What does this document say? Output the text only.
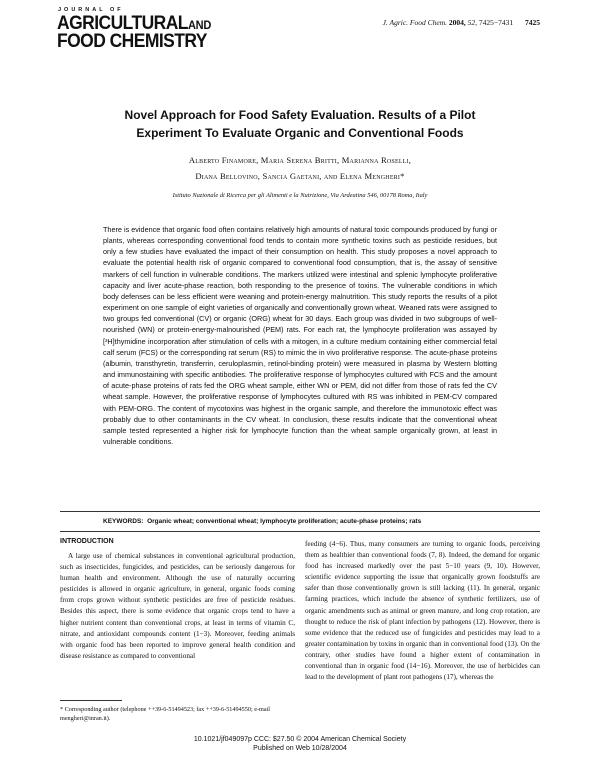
JOURNAL OF
AGRICULTURALAND
FOOD CHEMISTRY
J. Agric. Food Chem. 2004, 52, 7425−7431 7425
Novel Approach for Food Safety Evaluation. Results of a Pilot
Experiment To Evaluate Organic and Conventional Foods
Alberto Finamore, Maria Serena Britti, Marianna Roselli,
Diana Bellovino, Sancia Gaetani, and Elena Mengheri*
Istituto Nazionale di Ricerca per gli Alimenti e la Nutrizione, Via Ardeatina 546, 00178 Roma, Italy
There is evidence that organic food often contains relatively high amounts of natural toxic compounds produced by fungi or plants, whereas corresponding conventional food tends to contain more synthetic toxins such as pesticide residues, but only a few studies have evaluated the impact of their consumption on health. This study proposes a novel approach to evaluate the potential health risk of organic compared to conventional food consumption, that is, the assay of sensitive markers of cell function in vulnerable conditions. The markers utilized were intestinal and splenic lymphocyte proliferative capacity and liver acute-phase reaction, both responding to the presence of toxins. The vulnerable conditions in which body defenses can be less efficient were weaning and protein-energy malnutrition. This study reports the results of a pilot experiment on one sample of eight varieties of organically and conventionally grown wheat. Weaned rats were assigned to two groups fed conventional (CV) or organic (ORG) wheat for 30 days. Each group was divided in two subgroups of well-nourished (WN) or protein-energy-malnourished (PEM) rats. For each rat, the lymphocyte proliferation was assayed by [³H]thymidine incorporation after stimulation of cells with a mitogen, in a culture medium containing either commercial fetal calf serum (FCS) or the corresponding rat serum (RS) to mimic the in vivo proliferative response. The acute-phase proteins (albumin, transthyretin, transferrin, ceruloplasmin, retinol-binding protein) were measured in plasma by Western blotting and immunostaining with specific antibodies. The proliferative response of lymphocytes cultured with FCS and the amount of acute-phase proteins of rats fed the ORG wheat sample, either WN or PEM, did not differ from those of rats fed the CV wheat sample. However, the proliferative response of lymphocytes cultured with RS was inhibited in PEM-CV compared with PEM-ORG. The content of mycotoxins was highest in the organic sample, and therefore the immunotoxic effect was probably due to other contaminants in the CV wheat. In conclusion, these results indicate that the conventional wheat sample tested represented a higher risk for lymphocyte function than the wheat sample organically grown, at least in vulnerable conditions.
KEYWORDS: Organic wheat; conventional wheat; lymphocyte proliferation; acute-phase proteins; rats
INTRODUCTION

A large use of chemical substances in conventional agricultural production, such as insecticides, fungicides, and pesticides, can be seriously dangerous for human health and environment. Although the use of naturally occurring pesticides is allowed in organic agriculture, in general, organic foods coming from crops grown without synthetic pesticides are free of pesticide residues. Besides this aspect, there is some evidence that organic crops tend to have a higher nutrient content than conventional crops, at least in terms of vitamin C, nitrate, and antioxidant compounds content (1−3). Moreover, feeding animals with organic food has been reported to improve general health condition and disease resistance as compared to conventional

* Corresponding author (telephone ++39-6-51494523; fax ++39-6-51494550; e-mail mengheri@inran.it).

feeding (4−6). Thus, many consumers are turning to organic foods, perceiving them as healthier than conventional foods (7, 8). Indeed, the demand for organic food has increased markedly over the past 5−10 years (9, 10). However, scientific evidence supporting the issue that organically grown foodstuffs are safer than those conventionally grown is still lacking (11). In general, organic farming practices, which include the absence of synthetic fertilizers, use of organic amendments such as animal or green manure, and long crop rotation, are thought to reduce the risk of plant infection by pathogens (12). However, there is some evidence that the reduced use of fungicides and pesticides may lead to a greater contamination by toxins in organic than in conventional food (13). On the contrary, other studies have found a higher extent of contamination in conventional than in organic food (14−16). Moreover, the use of herbicides can lead to the development of plant root pathogens (17), whereas the

10.1021/jf049097p CCC: $27.50 © 2004 American Chemical Society
Published on Web 10/28/2004
